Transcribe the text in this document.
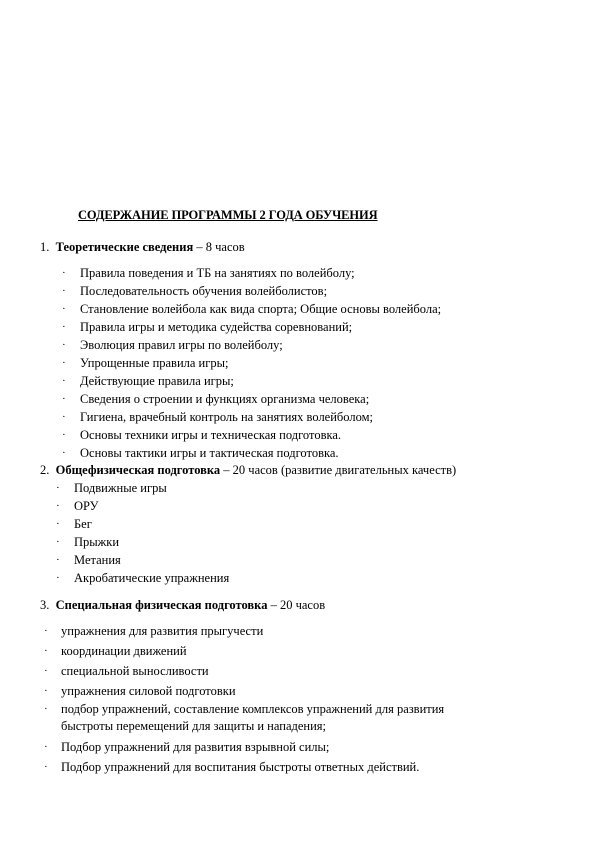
СОДЕРЖАНИЕ ПРОГРАММЫ 2 ГОДА ОБУЧЕНИЯ
1. Теоретические сведения – 8 часов
· Правила поведения и ТБ на занятиях по волейболу;
· Последовательность обучения волейболистов;
· Становление волейбола как вида спорта; Общие основы волейбола;
· Правила игры и методика судейства соревнований;
· Эволюция правил игры по волейболу;
· Упрощенные правила игры;
· Действующие правила игры;
· Сведения о строении и функциях организма человека;
· Гигиена, врачебный контроль на занятиях волейболом;
· Основы техники игры и техническая подготовка.
· Основы тактики игры и тактическая подготовка.
2. Общефизическая подготовка – 20 часов (развитие двигательных качеств)
· Подвижные игры
· ОРУ
· Бег
· Прыжки
· Метания
· Акробатические упражнения
3. Специальная физическая подготовка – 20 часов
· упражнения для развития прыгучести
· координации движений
· специальной выносливости
· упражнения силовой подготовки
· подбор упражнений, составление комплексов упражнений для развития
быстроты перемещений для защиты и нападения;
· Подбор упражнений для развития взрывной силы;
· Подбор упражнений для воспитания быстроты ответных действий.
